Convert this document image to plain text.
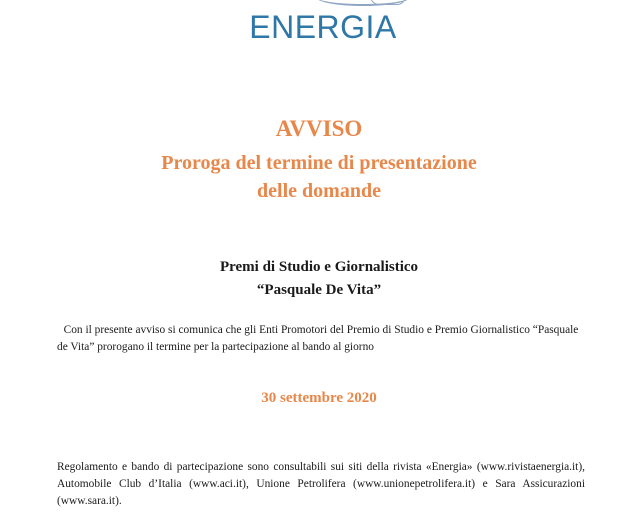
ENERGIA
AVVISO
Proroga del termine di presentazione
delle domande
Premi di Studio e Giornalistico
“Pasquale De Vita”
Con il presente avviso si comunica che gli Enti Promotori del Premio di Studio e Premio Giornalistico “Pasquale de Vita” prorogano il termine per la partecipazione al bando al giorno
30 settembre 2020
Regolamento e bando di partecipazione sono consultabili sui siti della rivista «Energia» (www.rivistaenergia.it), Automobile Club d’Italia (www.aci.it), Unione Petrolifera (www.unionepetrolifera.it) e Sara Assicurazioni (www.sara.it).
